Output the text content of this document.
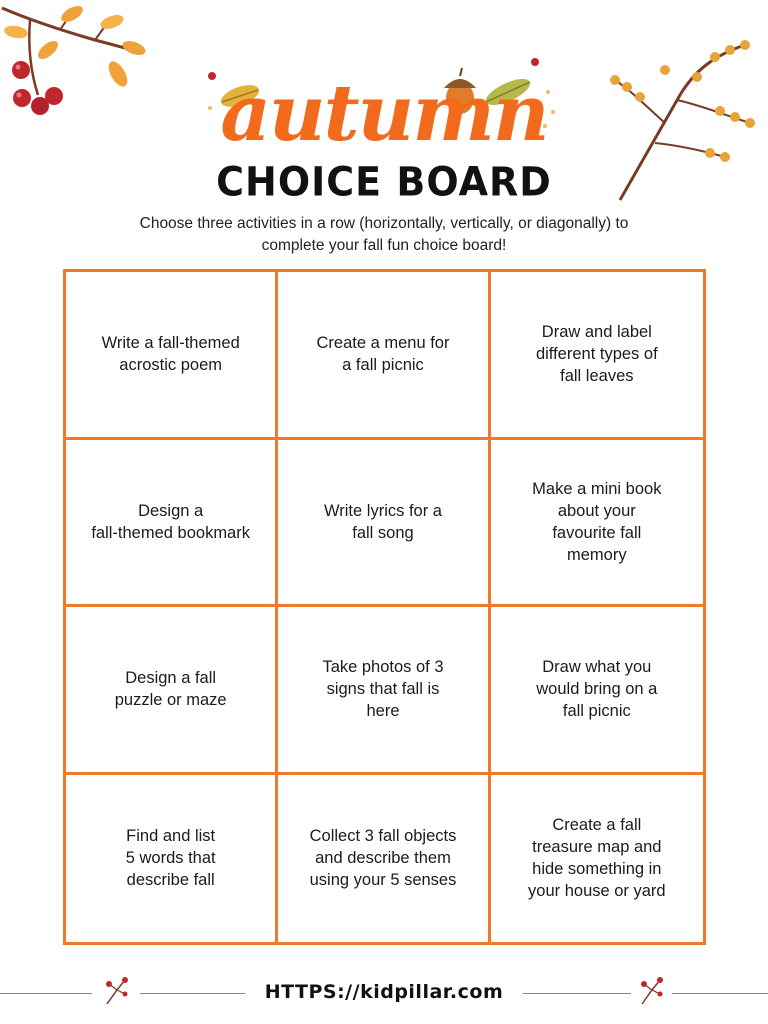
autumn
CHOICE BOARD
Choose three activities in a row (horizontally, vertically, or diagonally) to
complete your fall fun choice board!
Write a fall-themed
acrostic poem
Create a menu for
a fall picnic
Draw and label
different types of
fall leaves
Design a
fall-themed bookmark
Write lyrics for a
fall song
Make a mini book
about your
favourite fall
memory
Design a fall
puzzle or maze
Take photos of 3
signs that fall is
here
Draw what you
would bring on a
fall picnic
Find and list
5 words that
describe fall
Collect 3 fall objects
and describe them
using your 5 senses
Create a fall
treasure map and
hide something in
your house or yard
HTTPS://kidpillar.com
